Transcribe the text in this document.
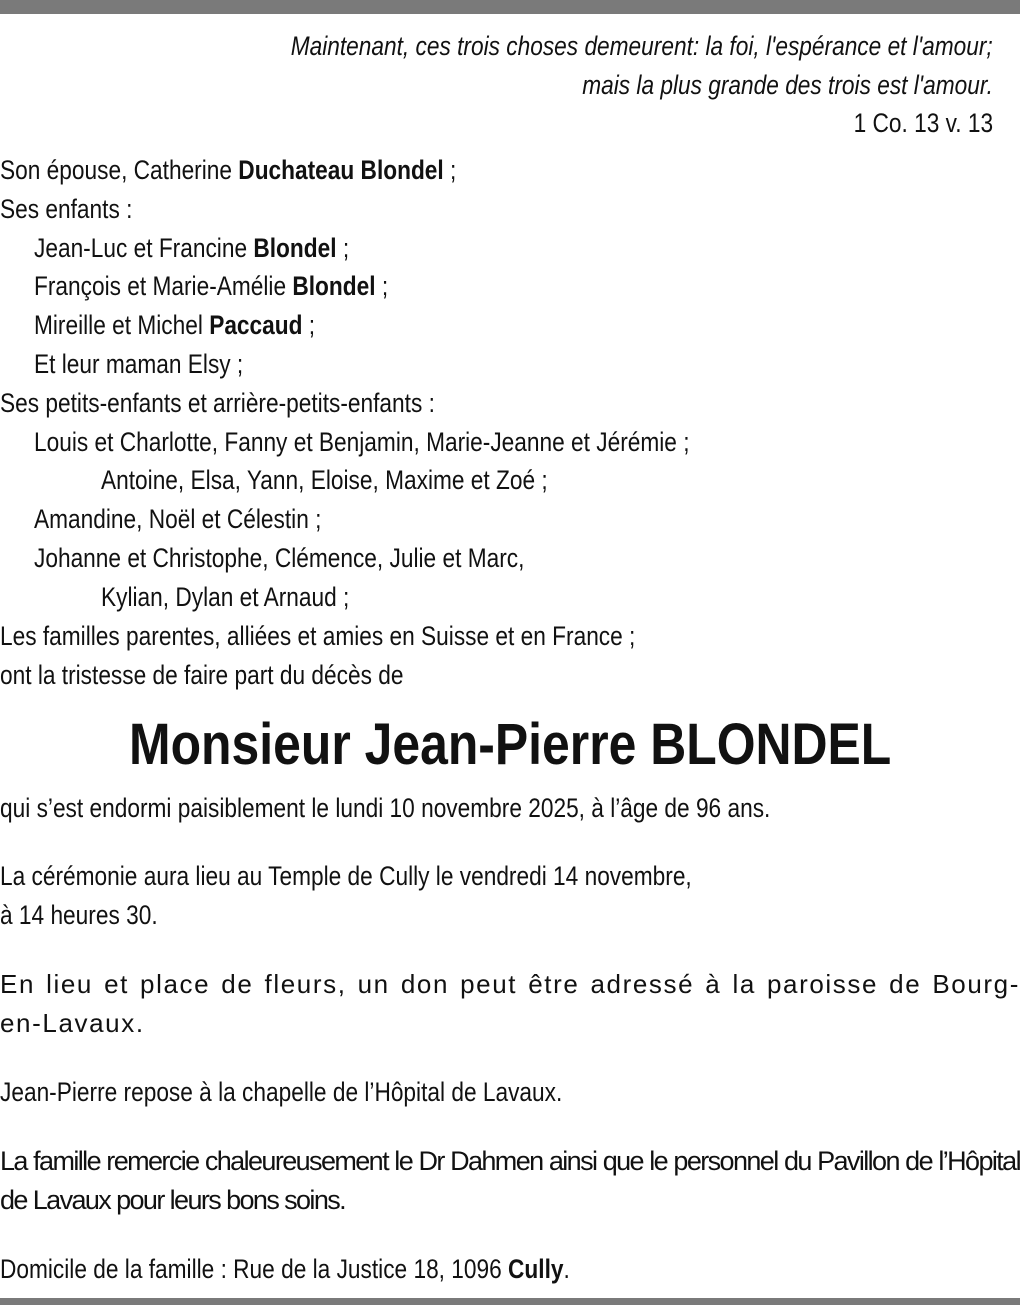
Maintenant, ces trois choses demeurent: la foi, l'espérance et l'amour;
mais la plus grande des trois est l'amour.
1 Co. 13 v. 13
Son épouse, Catherine Duchateau Blondel ;
Ses enfants :
Jean-Luc et Francine Blondel ;
François et Marie-Amélie Blondel ;
Mireille et Michel Paccaud ;
Et leur maman Elsy ;
Ses petits-enfants et arrière-petits-enfants :
Louis et Charlotte, Fanny et Benjamin, Marie-Jeanne et Jérémie ;
Antoine, Elsa, Yann, Eloise, Maxime et Zoé ;
Amandine, Noël et Célestin ;
Johanne et Christophe, Clémence, Julie et Marc,
Kylian, Dylan et Arnaud ;
Les familles parentes, alliées et amies en Suisse et en France ;
ont la tristesse de faire part du décès de
Monsieur Jean-Pierre BLONDEL
qui s’est endormi paisiblement le lundi 10 novembre 2025, à l’âge de 96 ans.
La cérémonie aura lieu au Temple de Cully le vendredi 14 novembre,
à 14 heures 30.
En lieu et place de fleurs, un don peut être adressé à la paroisse de Bourg-en-Lavaux.
Jean-Pierre repose à la chapelle de l’Hôpital de Lavaux.
La famille remercie chaleureusement le Dr Dahmen ainsi que le personnel du Pavillon de l’Hôpital de Lavaux pour leurs bons soins.
Domicile de la famille : Rue de la Justice 18, 1096 Cully.
